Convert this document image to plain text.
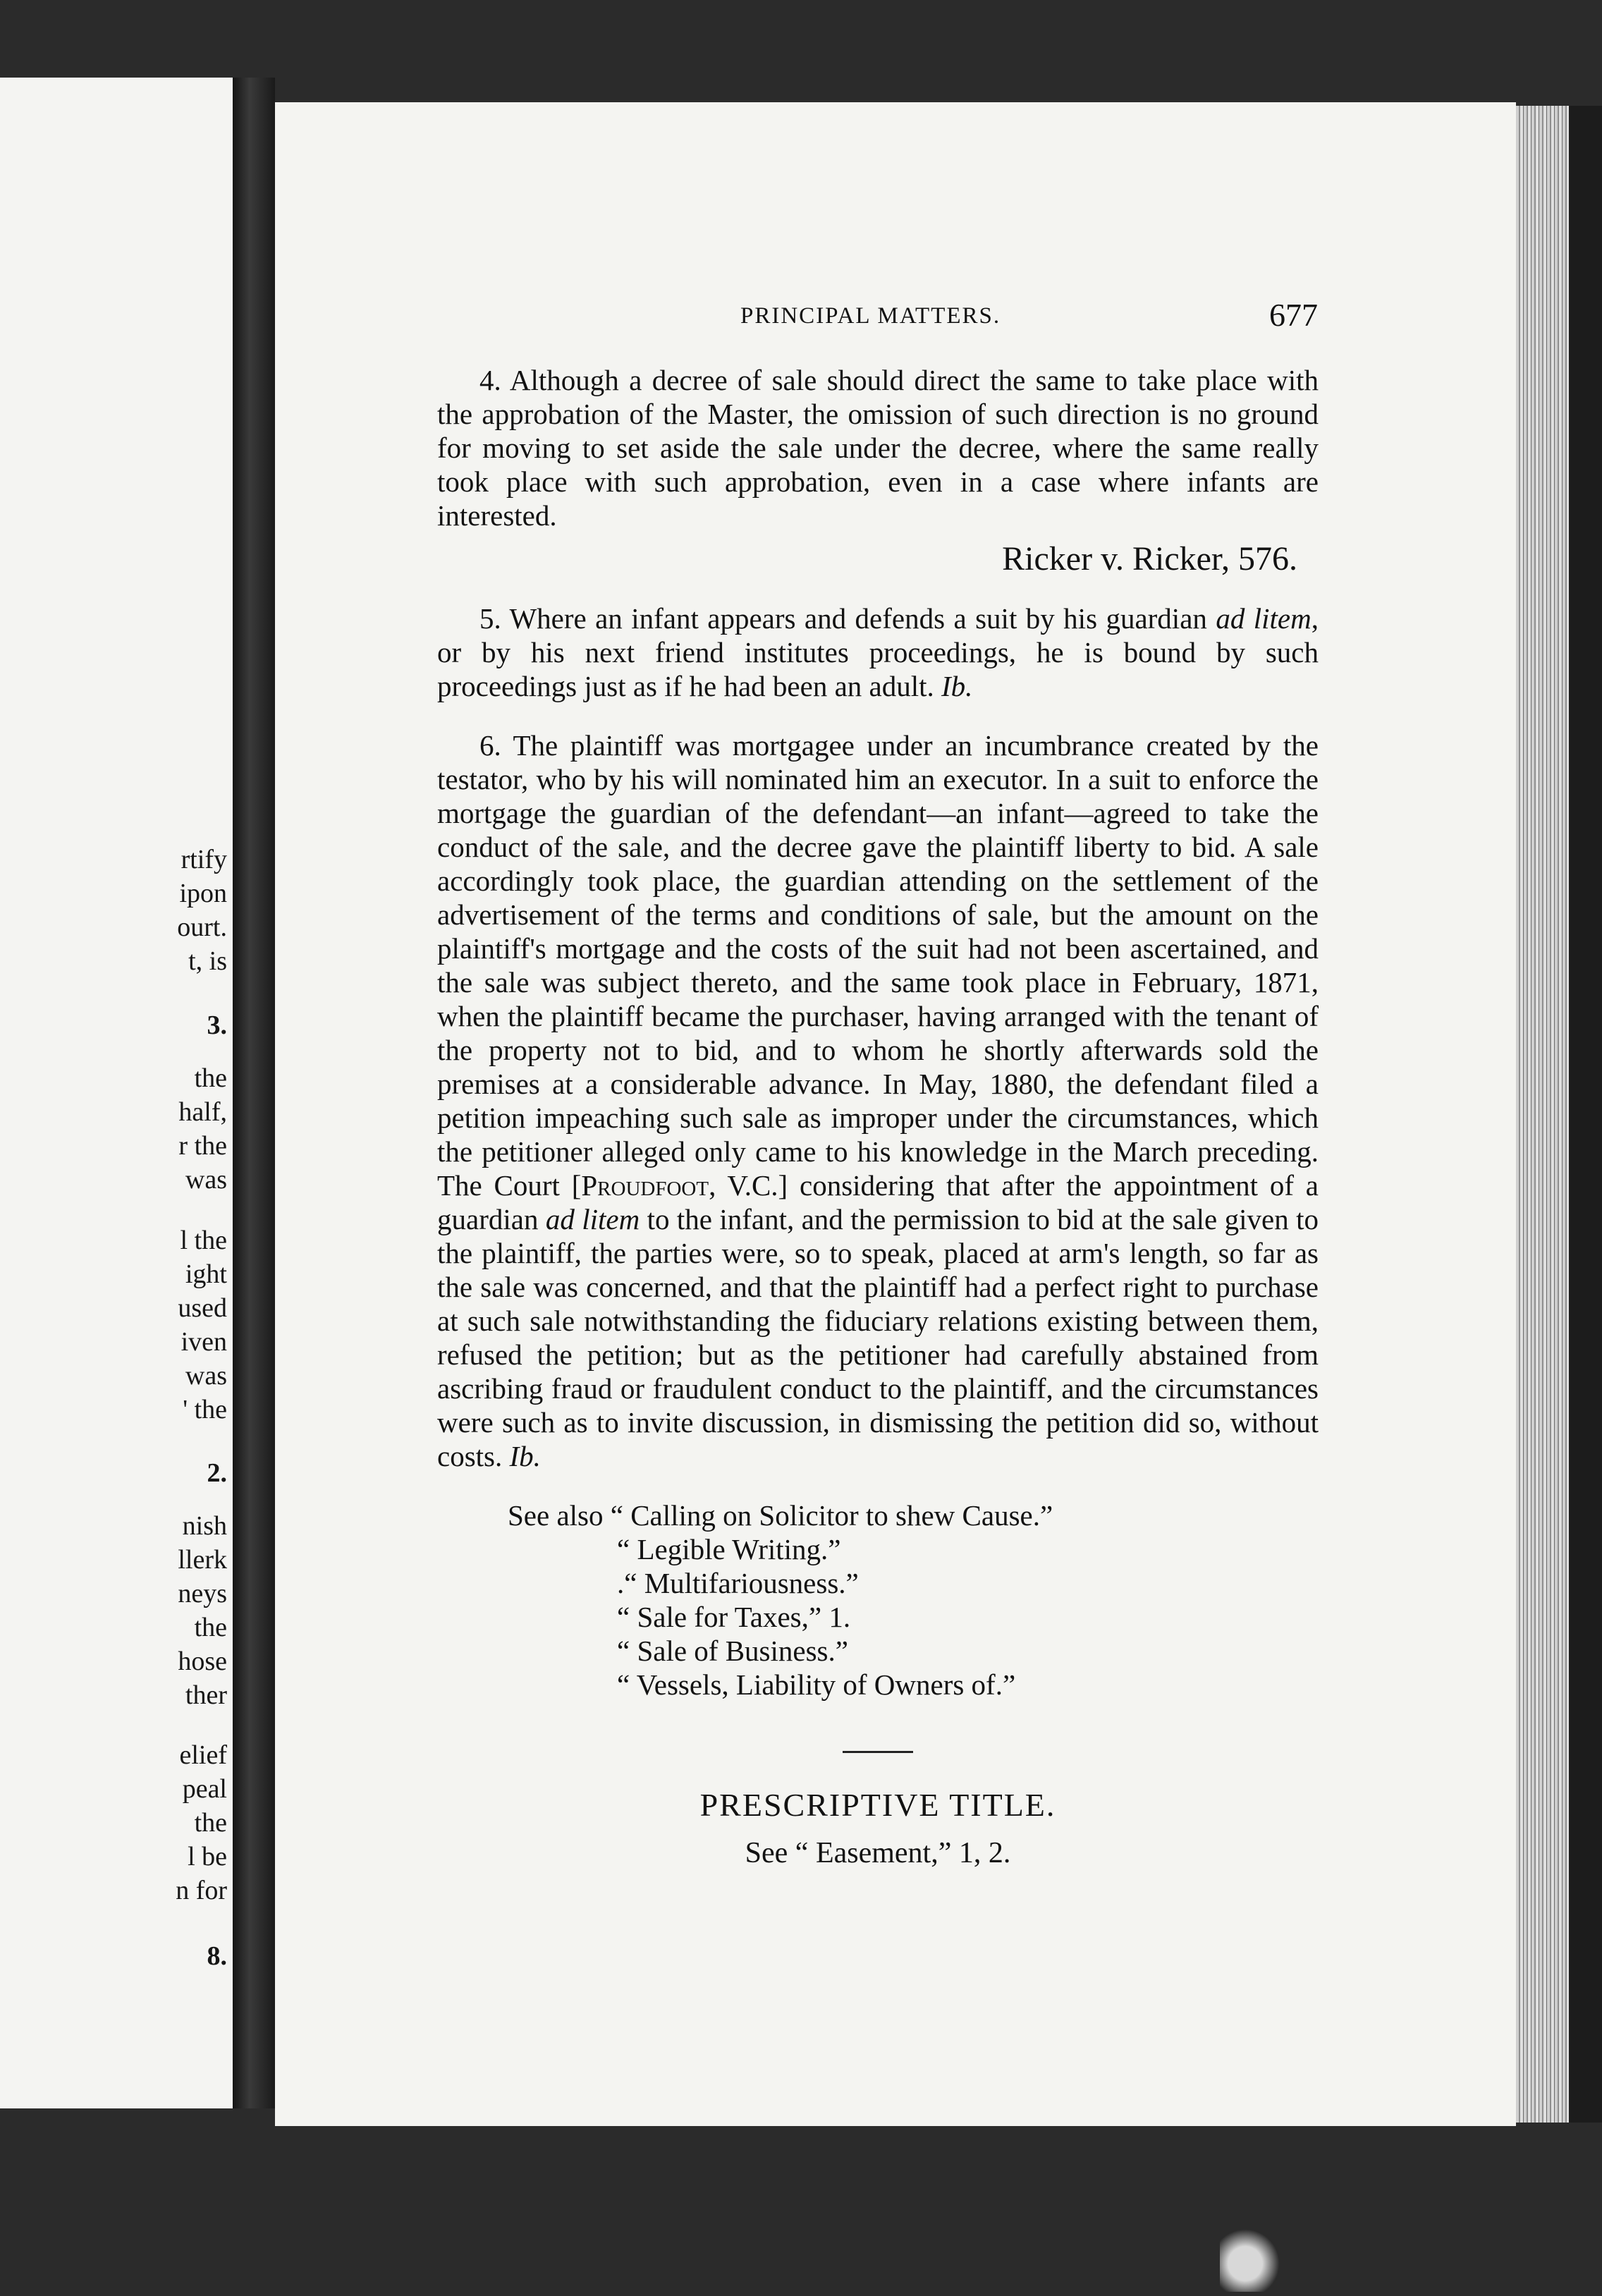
rtify
ipon
ourt.
t, is
3.
the
half,
r the
was
l the
ight
used
iven
was
' the
2.
nish
llerk
neys
the
hose
ther
elief
peal
the
l be
n for
8.
PRINCIPAL MATTERS.	677

4. Although a decree of sale should direct the same to take place with the approbation of the Master, the omission of such direction is no ground for moving to set aside the sale under the decree, where the same really took place with such approbation, even in a case where infants are interested.

Ricker v. Ricker, 576.

5. Where an infant appears and defends a suit by his guardian ad litem, or by his next friend institutes proceedings, he is bound by such proceedings just as if he had been an adult. Ib.

6. The plaintiff was mortgagee under an incumbrance created by the testator, who by his will nominated him an executor. In a suit to enforce the mortgage the guardian of the defendant—an infant—agreed to take the conduct of the sale, and the decree gave the plaintiff liberty to bid. A sale accordingly took place, the guardian attending on the settlement of the advertisement of the terms and conditions of sale, but the amount on the plaintiff's mortgage and the costs of the suit had not been ascertained, and the sale was subject thereto, and the same took place in February, 1871, when the plaintiff became the purchaser, having arranged with the tenant of the property not to bid, and to whom he shortly afterwards sold the premises at a considerable advance. In May, 1880, the defendant filed a petition impeaching such sale as improper under the circumstances, which the petitioner alleged only came to his knowledge in the March preceding. The Court [Proudfoot, V.C.] considering that after the appointment of a guardian ad litem to the infant, and the permission to bid at the sale given to the plaintiff, the parties were, so to speak, placed at arm's length, so far as the sale was concerned, and that the plaintiff had a perfect right to purchase at such sale notwithstanding the fiduciary relations existing between them, refused the petition; but as the petitioner had carefully abstained from ascribing fraud or fraudulent conduct to the plaintiff, and the circumstances were such as to invite discussion, in dismissing the petition did so, without costs. Ib.

See also “ Calling on Solicitor to shew Cause.”
“ Legible Writing.”
.“ Multifariousness.”
“ Sale for Taxes,” 1.
“ Sale of Business.”
“ Vessels, Liability of Owners of.”
PRESCRIPTIVE TITLE.
See “ Easement,” 1, 2.
